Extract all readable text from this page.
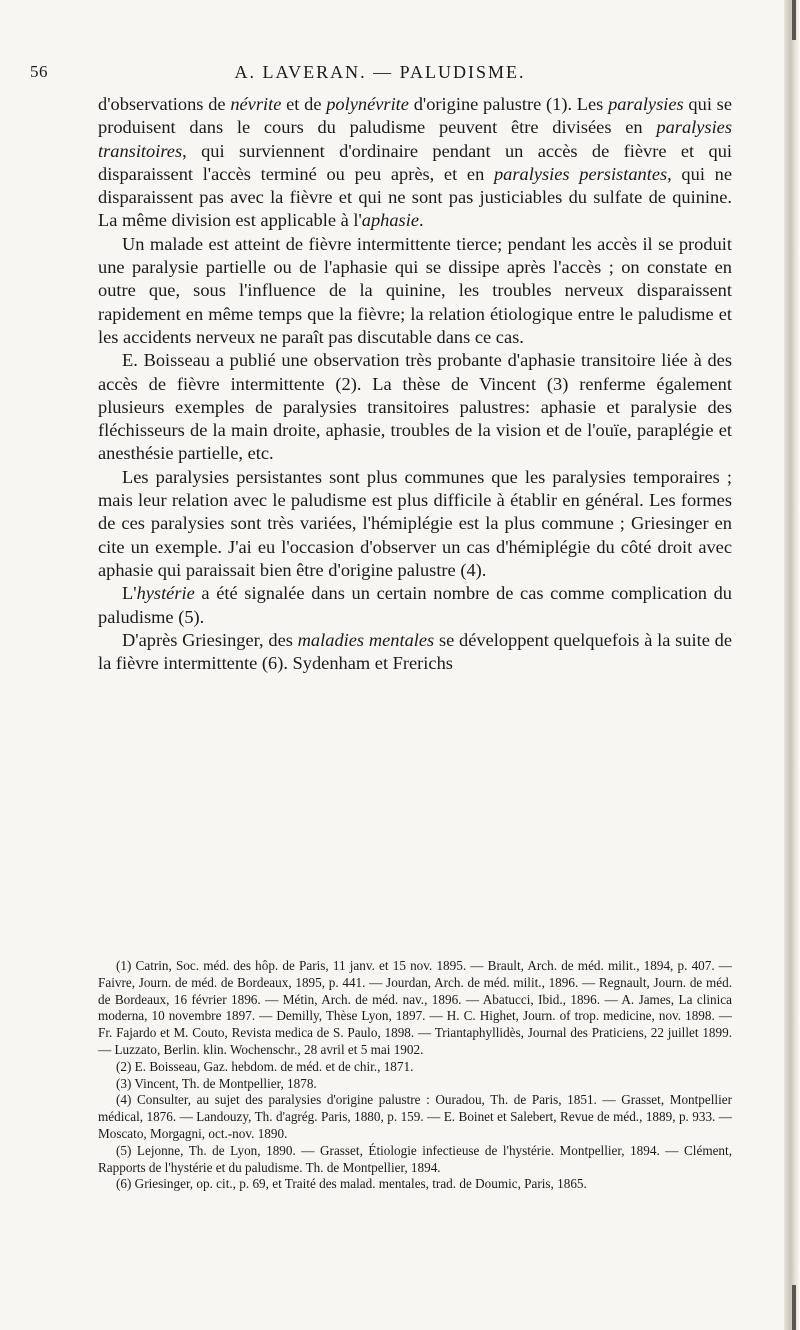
56	A. LAVERAN. — PALUDISME.

d'observations de névrite et de polynévrite d'origine palustre (1). Les paralysies qui se produisent dans le cours du paludisme peuvent être divisées en paralysies transitoires, qui surviennent d'ordinaire pendant un accès de fièvre et qui disparaissent l'accès terminé ou peu après, et en paralysies persistantes, qui ne disparaissent pas avec la fièvre et qui ne sont pas justiciables du sulfate de quinine. La même division est applicable à l'aphasie.

Un malade est atteint de fièvre intermittente tierce; pendant les accès il se produit une paralysie partielle ou de l'aphasie qui se dissipe après l'accès ; on constate en outre que, sous l'influence de la quinine, les troubles nerveux disparaissent rapidement en même temps que la fièvre; la relation étiologique entre le paludisme et les accidents nerveux ne paraît pas discutable dans ce cas.

E. Boisseau a publié une observation très probante d'aphasie transitoire liée à des accès de fièvre intermittente (2). La thèse de Vincent (3) renferme également plusieurs exemples de paralysies transitoires palustres: aphasie et paralysie des fléchisseurs de la main droite, aphasie, troubles de la vision et de l'ouïe, paraplégie et anesthésie partielle, etc.

Les paralysies persistantes sont plus communes que les paralysies temporaires ; mais leur relation avec le paludisme est plus difficile à établir en général. Les formes de ces paralysies sont très variées, l'hémiplégie est la plus commune ; Griesinger en cite un exemple. J'ai eu l'occasion d'observer un cas d'hémiplégie du côté droit avec aphasie qui paraissait bien être d'origine palustre (4).

L'hystérie a été signalée dans un certain nombre de cas comme complication du paludisme (5).

D'après Griesinger, des maladies mentales se développent quelquefois à la suite de la fièvre intermittente (6). Sydenham et Frerichs

(1) Catrin, Soc. méd. des hôp. de Paris, 11 janv. et 15 nov. 1895. — Brault, Arch. de méd. milit., 1894, p. 407. — Faivre, Journ. de méd. de Bordeaux, 1895, p. 441. — Jourdan, Arch. de méd. milit., 1896. — Regnault, Journ. de méd. de Bordeaux, 16 février 1896. — Métin, Arch. de méd. nav., 1896. — Abatucci, Ibid., 1896. — A. James, La clinica moderna, 10 novembre 1897. — Demilly, Thèse Lyon, 1897. — H. C. Highet, Journ. of trop. medicine, nov. 1898. — Fr. Fajardo et M. Couto, Revista medica de S. Paulo, 1898. — Triantaphyllidès, Journal des Praticiens, 22 juillet 1899. — Luzzato, Berlin. klin. Wochenschr., 28 avril et 5 mai 1902.

(2) E. Boisseau, Gaz. hebdom. de méd. et de chir., 1871.

(3) Vincent, Th. de Montpellier, 1878.

(4) Consulter, au sujet des paralysies d'origine palustre : Ouradou, Th. de Paris, 1851. — Grasset, Montpellier médical, 1876. — Landouzy, Th. d'agrég. Paris, 1880, p. 159. — E. Boinet et Salebert, Revue de méd., 1889, p. 933. — Moscato, Morgagni, oct.-nov. 1890.

(5) Lejonne, Th. de Lyon, 1890. — Grasset, Étiologie infectieuse de l'hystérie. Montpellier, 1894. — Clément, Rapports de l'hystérie et du paludisme. Th. de Montpellier, 1894.

(6) Griesinger, op. cit., p. 69, et Traité des malad. mentales, trad. de Doumic, Paris, 1865.
